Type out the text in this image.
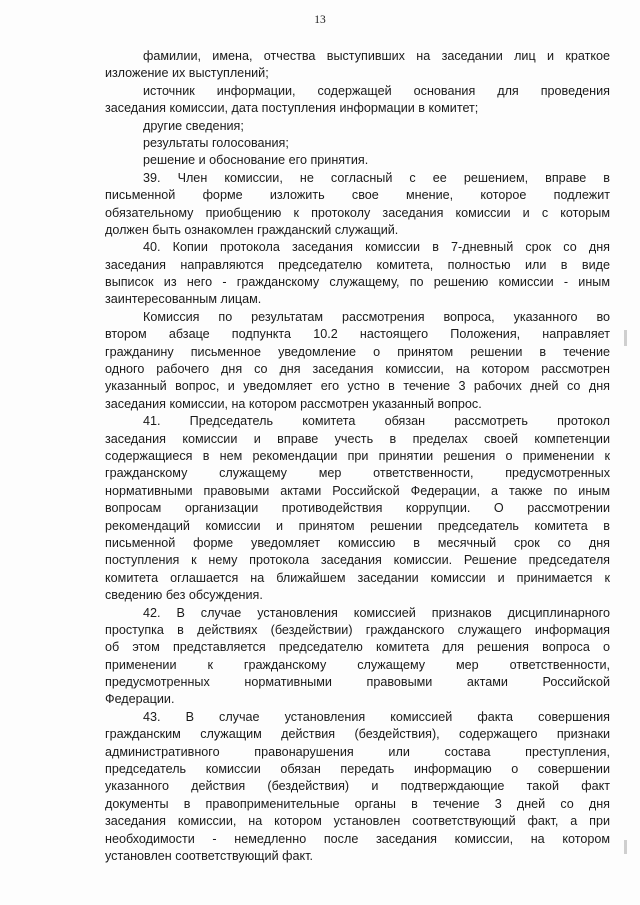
13
фамилии, имена, отчества выступивших на заседании лиц и краткое
изложение их выступлений;
источник информации, содержащей основания для проведения
заседания комиссии, дата поступления информации в комитет;
другие сведения;
результаты голосования;
решение и обоснование его принятия.
39. Член комиссии, не согласный с ее решением, вправе в
письменной форме изложить свое мнение, которое подлежит
обязательному приобщению к протоколу заседания комиссии и с которым
должен быть ознакомлен гражданский служащий.
40. Копии протокола заседания комиссии в 7-дневный срок со дня
заседания направляются председателю комитета, полностью или в виде
выписок из него - гражданскому служащему, по решению комиссии - иным
заинтересованным лицам.
Комиссия по результатам рассмотрения вопроса, указанного во
втором абзаце подпункта 10.2 настоящего Положения, направляет
гражданину письменное уведомление о принятом решении в течение
одного рабочего дня со дня заседания комиссии, на котором рассмотрен
указанный вопрос, и уведомляет его устно в течение 3 рабочих дней со дня
заседания комиссии, на котором рассмотрен указанный вопрос.
41. Председатель комитета обязан рассмотреть протокол
заседания комиссии и вправе учесть в пределах своей компетенции
содержащиеся в нем рекомендации при принятии решения о применении к
гражданскому служащему мер ответственности, предусмотренных
нормативными правовыми актами Российской Федерации, а также по иным
вопросам организации противодействия коррупции. О рассмотрении
рекомендаций комиссии и принятом решении председатель комитета в
письменной форме уведомляет комиссию в месячный срок со дня
поступления к нему протокола заседания комиссии. Решение председателя
комитета оглашается на ближайшем заседании комиссии и принимается к
сведению без обсуждения.
42. В случае установления комиссией признаков дисциплинарного
проступка в действиях (бездействии) гражданского служащего информация
об этом представляется председателю комитета для решения вопроса о
применении к гражданскому служащему мер ответственности,
предусмотренных нормативными правовыми актами Российской
Федерации.
43. В случае установления комиссией факта совершения
гражданским служащим действия (бездействия), содержащего признаки
административного правонарушения или состава преступления,
председатель комиссии обязан передать информацию о совершении
указанного действия (бездействия) и подтверждающие такой факт
документы в правоприменительные органы в течение 3 дней со дня
заседания комиссии, на котором установлен соответствующий факт, а при
необходимости - немедленно после заседания комиссии, на котором
установлен соответствующий факт.
